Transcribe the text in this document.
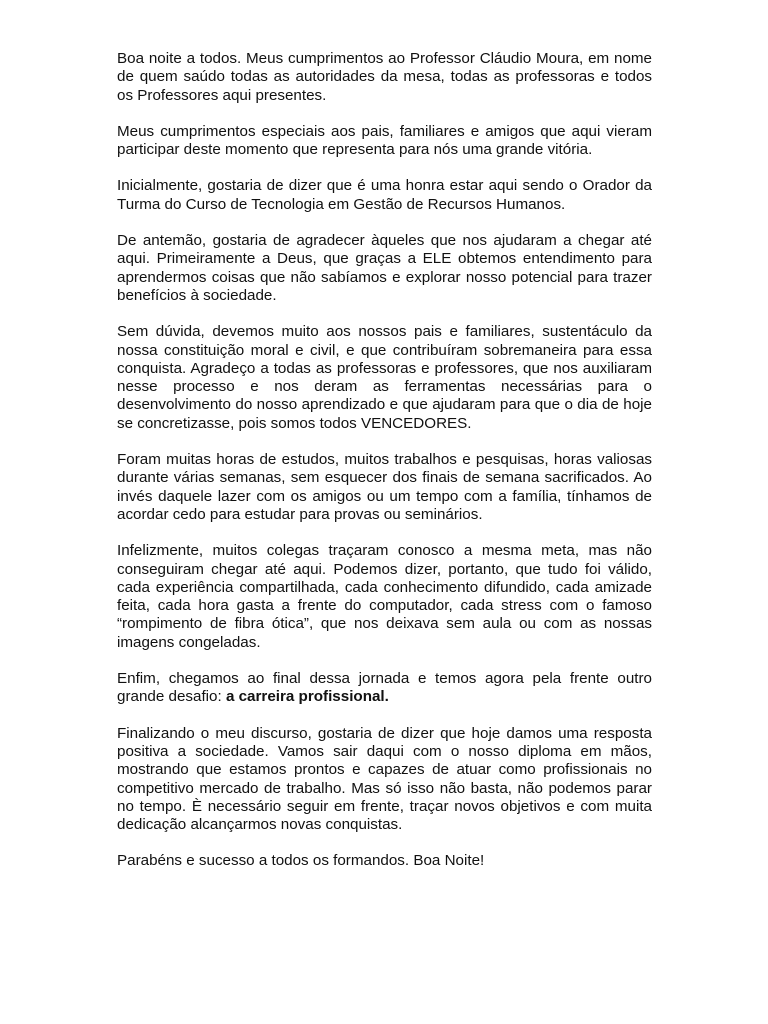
Boa noite a todos. Meus cumprimentos ao Professor Cláudio Moura, em nome de quem saúdo todas as autoridades da mesa, todas as professoras e todos os Professores aqui presentes.

Meus cumprimentos especiais aos pais, familiares e amigos que aqui vieram participar deste momento que representa para nós uma grande vitória.

Inicialmente, gostaria de dizer que é uma honra estar aqui sendo o Orador da Turma do Curso de Tecnologia em Gestão de Recursos Humanos.

De antemão, gostaria de agradecer àqueles que nos ajudaram a chegar até aqui. Primeiramente a Deus, que graças a ELE obtemos entendimento para aprendermos coisas que não sabíamos e explorar nosso potencial para trazer benefícios à sociedade.

Sem dúvida, devemos muito aos nossos pais e familiares, sustentáculo da nossa constituição moral e civil, e que contribuíram sobremaneira para essa conquista. Agradeço a todas as professoras e professores, que nos auxiliaram nesse processo e nos deram as ferramentas necessárias para o desenvolvimento do nosso aprendizado e que ajudaram para que o dia de hoje se concretizasse, pois somos todos VENCEDORES.

Foram muitas horas de estudos, muitos trabalhos e pesquisas, horas valiosas durante várias semanas, sem esquecer dos finais de semana sacrificados. Ao invés daquele lazer com os amigos ou um tempo com a família, tínhamos de acordar cedo para estudar para provas ou seminários.

Infelizmente, muitos colegas traçaram conosco a mesma meta, mas não conseguiram chegar até aqui. Podemos dizer, portanto, que tudo foi válido, cada experiência compartilhada, cada conhecimento difundido, cada amizade feita, cada hora gasta a frente do computador, cada stress com o famoso “rompimento de fibra ótica”, que nos deixava sem aula ou com as nossas imagens congeladas.

Enfim, chegamos ao final dessa jornada e temos agora pela frente outro grande desafio: a carreira profissional.

Finalizando o meu discurso, gostaria de dizer que hoje damos uma resposta positiva a sociedade. Vamos sair daqui com o nosso diploma em mãos, mostrando que estamos prontos e capazes de atuar como profissionais no competitivo mercado de trabalho. Mas só isso não basta, não podemos parar no tempo. È necessário seguir em frente, traçar novos objetivos e com muita dedicação alcançarmos novas conquistas.

Parabéns e sucesso a todos os formandos. Boa Noite!
